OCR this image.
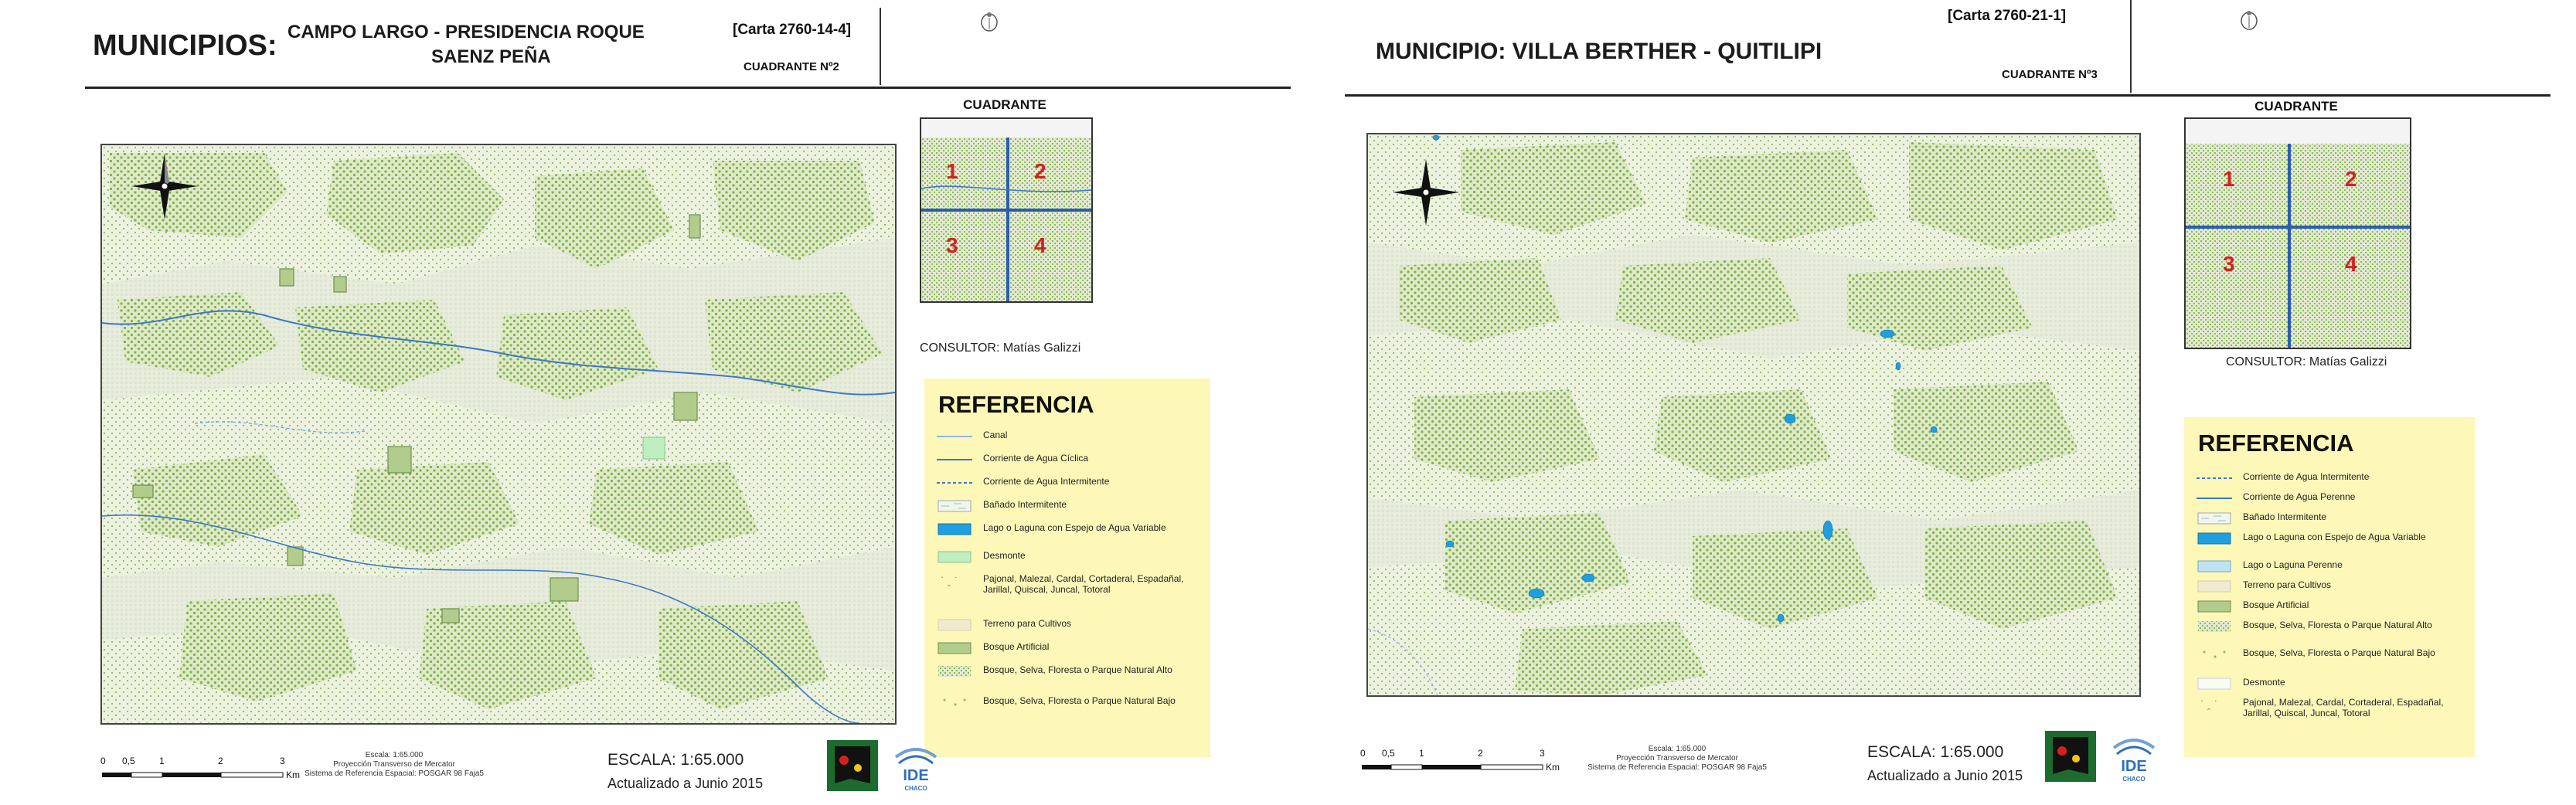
MUNICIPIOS: CAMPO LARGO - PRESIDENCIA ROQUE
SAENZ PEÑA
[Carta 2760-14-4]
CUADRANTE Nº2
CUADRANTE
1	2
3	4
CONSULTOR: Matías Galizzi
REFERENCIA
Canal
Corriente de Agua Cíclica
Corriente de Agua Intermitente
Bañado Intermitente
Lago o Laguna con Espejo de Agua Variable
Desmonte
˙ ‸ ˙	Pajonal, Malezal, Cardal, Cortaderal, Espadañal, Jarillal, Quiscal, Juncal, Totoral
Terreno para Cultivos
Bosque Artificial
Bosque, Selva, Floresta o Parque Natural Alto
Bosque, Selva, Floresta o Parque Natural Bajo
0 0,5	1	2	3
Km
Escala: 1:65.000
Proyección Transverso de Mercator
Sistema de Referencia Espacial: POSGAR 98 Faja5
ESCALA: 1:65.000
Actualizado a Junio 2015	IDE
CHACO
MUNICIPIO: VILLA BERTHER - QUITILIPI
[Carta 2760-21-1]
CUADRANTE Nº3
CUADRANTE
1	2
3	4
CONSULTOR: Matías Galizzi
REFERENCIA
Corriente de Agua Intermitente
Corriente de Agua Perenne
Bañado Intermitente
Lago o Laguna con Espejo de Agua Variable
Lago o Laguna Perenne
Terreno para Cultivos
Bosque Artificial
Bosque, Selva, Floresta o Parque Natural Alto
Bosque, Selva, Floresta o Parque Natural Bajo
Desmonte
˙ ‸ ˙	Pajonal, Malezal, Cardal, Cortaderal, Espadañal, Jarillal, Quiscal, Juncal, Totoral
0 0,5	1	2	3
Km
Escala: 1:65.000
Proyección Transverso de Mercator
Sistema de Referencia Espacial: POSGAR 98 Faja5
ESCALA: 1:65.000
Actualizado a Junio 2015
IDE
CHACO
